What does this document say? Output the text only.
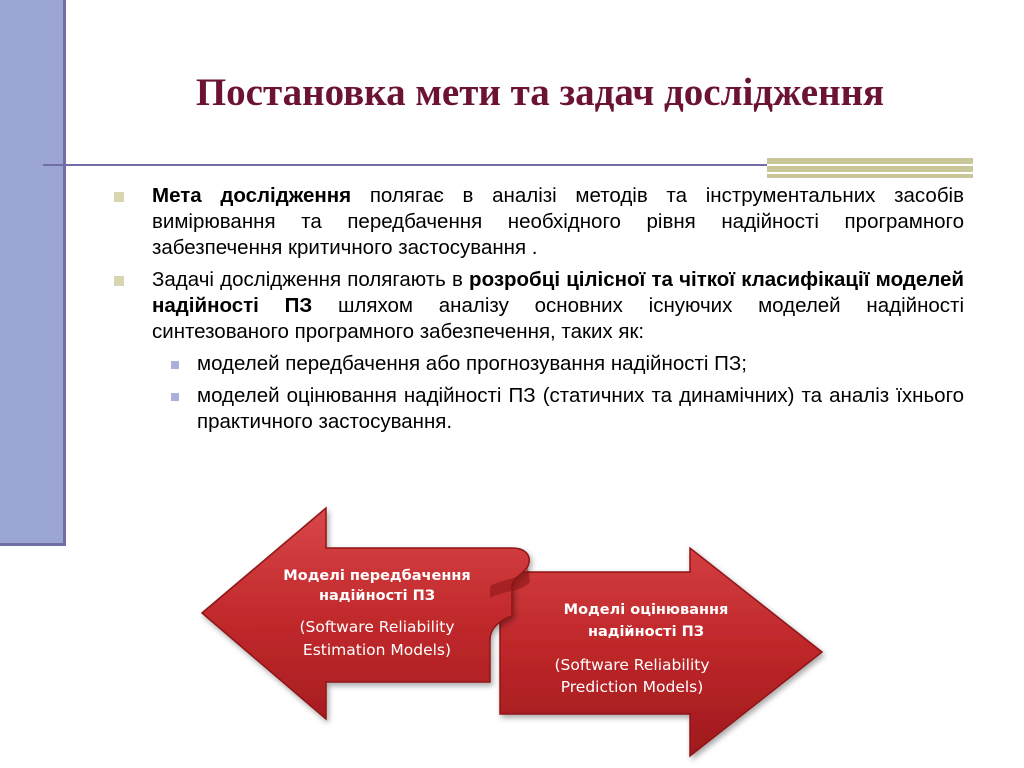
Постановка мети та задач дослідження
Мета дослідження полягає в аналізі методів та інструментальних засобів вимірювання та передбачення необхідного рівня надійності програмного забезпечення критичного застосування .
Задачі дослідження полягають в розробці цілісної та чіткої класифікації моделей надійності ПЗ шляхом аналізу основних існуючих моделей надійності синтезованого програмного забезпечення, таких як:
моделей передбачення або прогнозування надійності ПЗ;
моделей оцінювання надійності ПЗ (статичних та динамічних) та аналіз їхнього практичного застосування.
Моделі оцінювання
надійності ПЗ
(Software Reliability
Prediction Models)
Моделі передбачення
надійності ПЗ
(Software Reliability
Estimation Models)
